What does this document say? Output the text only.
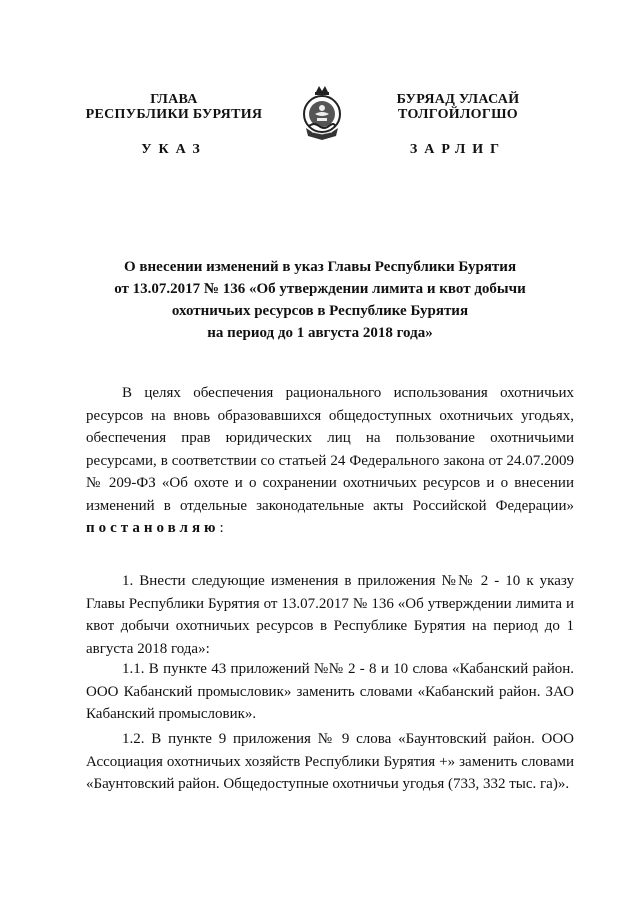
ГЛАВА
РЕСПУБЛИКИ БУРЯТИЯ
БУРЯАД УЛАСАЙ
ТОЛГОЙЛОГШО
УКАЗ	ЗАРЛИГ
О внесении изменений в указ Главы Республики Бурятия
от 13.07.2017 № 136 «Об утверждении лимита и квот добычи
охотничьих ресурсов в Республике Бурятия
на период до 1 августа 2018 года»
В целях обеспечения рационального использования охотничьих ресурсов на вновь образовавшихся общедоступных охотничьих угодьях, обеспечения прав юридических лиц на пользование охотничьими ресурсами, в соответствии со статьей 24 Федерального закона от 24.07.2009 № 209-ФЗ «Об охоте и о сохранении охотничьих ресурсов и о внесении изменений в отдельные законодательные акты Российской Федерации» постановляю:
1. Внести следующие изменения в приложения №№ 2 - 10 к указу Главы Республики Бурятия от 13.07.2017 № 136 «Об утверждении лимита и квот добычи охотничьих ресурсов в Республике Бурятия на период до 1 августа 2018 года»:
1.1. В пункте 43 приложений №№ 2 - 8 и 10 слова «Кабанский район. ООО Кабанский промысловик» заменить словами «Кабанский район. ЗАО Кабанский промысловик».
1.2. В пункте 9 приложения № 9 слова «Баунтовский район. ООО Ассоциация охотничьих хозяйств Республики Бурятия +» заменить словами «Баунтовский район. Общедоступные охотничьи угодья (733, 332 тыс. га)».
